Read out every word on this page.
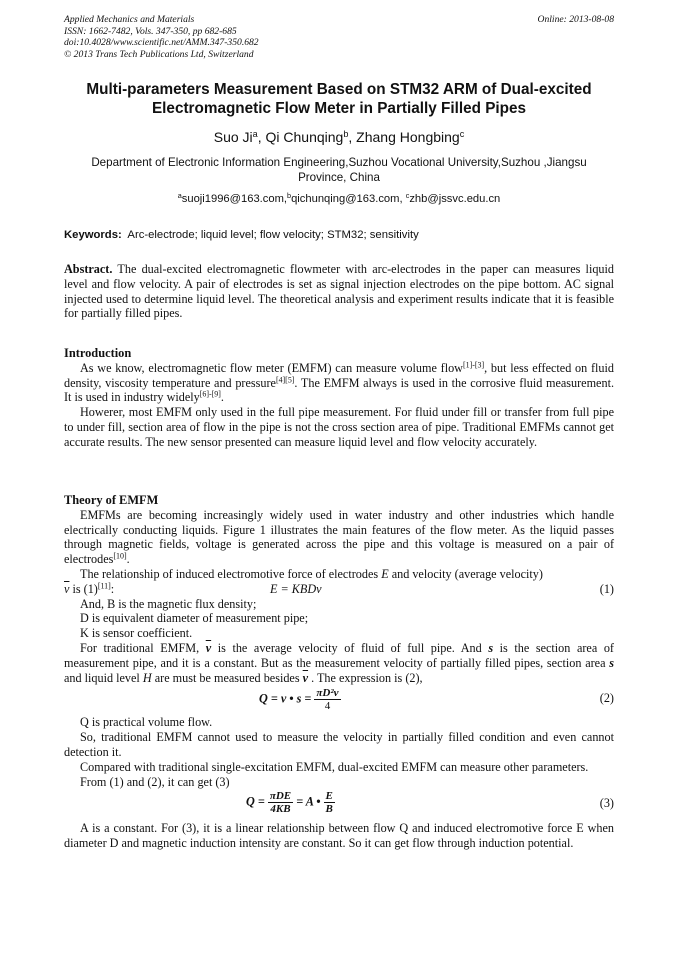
Applied Mechanics and Materials
ISSN: 1662-7482, Vols. 347-350, pp 682-685
doi:10.4028/www.scientific.net/AMM.347-350.682
© 2013 Trans Tech Publications Ltd, Switzerland
Online: 2013-08-08
Multi-parameters Measurement Based on STM32 ARM of Dual-excited
Electromagnetic Flow Meter in Partially Filled Pipes
Suo Ji$^a$, Qi Chunqing$^b$, Zhang Hongbing$^c$
Department of Electronic Information Engineering,Suzhou Vocational University,Suzhou ,Jiangsu
Province, China
$^a$suoji1996@163.com,$^b$qichunqing@163.com, $^c$zhb@jssvc.edu.cn
Keywords: Arc-electrode; liquid level; flow velocity; STM32; sensitivity
Abstract. The dual-excited electromagnetic flowmeter with arc-electrodes in the paper can measures liquid level and flow velocity. A pair of electrodes is set as signal injection electrodes on the pipe bottom. AC signal injected used to determine liquid level. The theoretical analysis and experiment results indicate that it is feasible for partially filled pipes.
Introduction
As we know, electromagnetic flow meter (EMFM) can measure volume flow[1]-[3], but less effected on fluid density, viscosity temperature and pressure[4][5]. The EMFM always is used in the corrosive fluid measurement. It is used in industry widely[6]-[9].
Howerer, most EMFM only used in the full pipe measurement. For fluid under fill or transfer from full pipe to under fill, section area of flow in the pipe is not the cross section area of pipe. Traditional EMFMs cannot get accurate results. The new sensor presented can measure liquid level and flow velocity accurately.
Theory of EMFM
EMFMs are becoming increasingly widely used in water industry and other industries which handle electrically conducting liquids. Figure 1 illustrates the main features of the flow meter. As the liquid passes through magnetic fields, voltage is generated across the pipe and this voltage is measured on a pair of electrodes[10].
The relationship of induced electromotive force of electrodes E and velocity (average velocity)
$\overline{v}$ is (1)[11]:	E = KBDv	(1)
And, B is the magnetic flux density;
D is equivalent diameter of measurement pipe;
K is sensor coefficient.
For traditional EMFM, $\overline{v}$ is the average velocity of fluid of full pipe. And s is the section area of measurement pipe, and it is a constant. But as the measurement velocity of partially filled pipes, section area s and liquid level H are must be measured besides $\overline{v}$ . The expression is (2),
Q = v • $s = \frac{\text{πD²v}}{4}$	(2)
Q is practical volume flow.
So, traditional EMFM cannot used to measure the velocity in partially filled condition and even cannot detection it.
Compared with traditional single-excitation EMFM, dual-excited EMFM can measure other parameters.
From (1) and (2), it can get (3)
$Q = \frac{\text{πDE}}{4KB} = A$ • $\frac{E}{B}$	(3)
A is a constant. For (3), it is a linear relationship between flow Q and induced electromotive force E when diameter D and magnetic induction intensity are constant. So it can get flow through induction potential.
